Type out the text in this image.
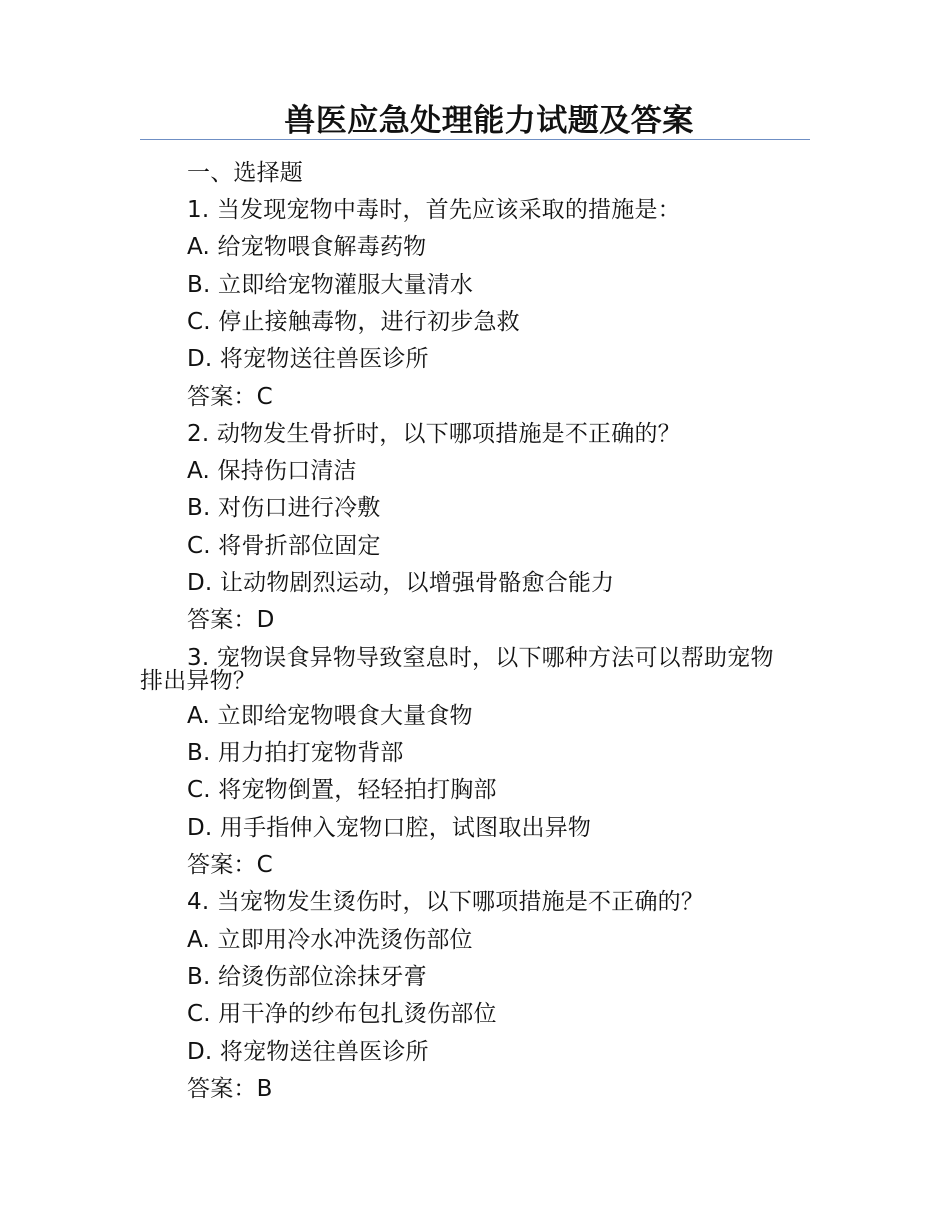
兽医应急处理能力试题及答案
一、选择题
1. 当发现宠物中毒时，首先应该采取的措施是：
A. 给宠物喂食解毒药物
B. 立即给宠物灌服大量清水
C. 停止接触毒物，进行初步急救
D. 将宠物送往兽医诊所
答案：C
2. 动物发生骨折时，以下哪项措施是不正确的？
A. 保持伤口清洁
B. 对伤口进行冷敷
C. 将骨折部位固定
D. 让动物剧烈运动，以增强骨骼愈合能力
答案：D
3. 宠物误食异物导致窒息时，以下哪种方法可以帮助宠物
排出异物？
A. 立即给宠物喂食大量食物
B. 用力拍打宠物背部
C. 将宠物倒置，轻轻拍打胸部
D. 用手指伸入宠物口腔，试图取出异物
答案：C
4. 当宠物发生烫伤时，以下哪项措施是不正确的？
A. 立即用冷水冲洗烫伤部位
B. 给烫伤部位涂抹牙膏
C. 用干净的纱布包扎烫伤部位
D. 将宠物送往兽医诊所
答案：B
